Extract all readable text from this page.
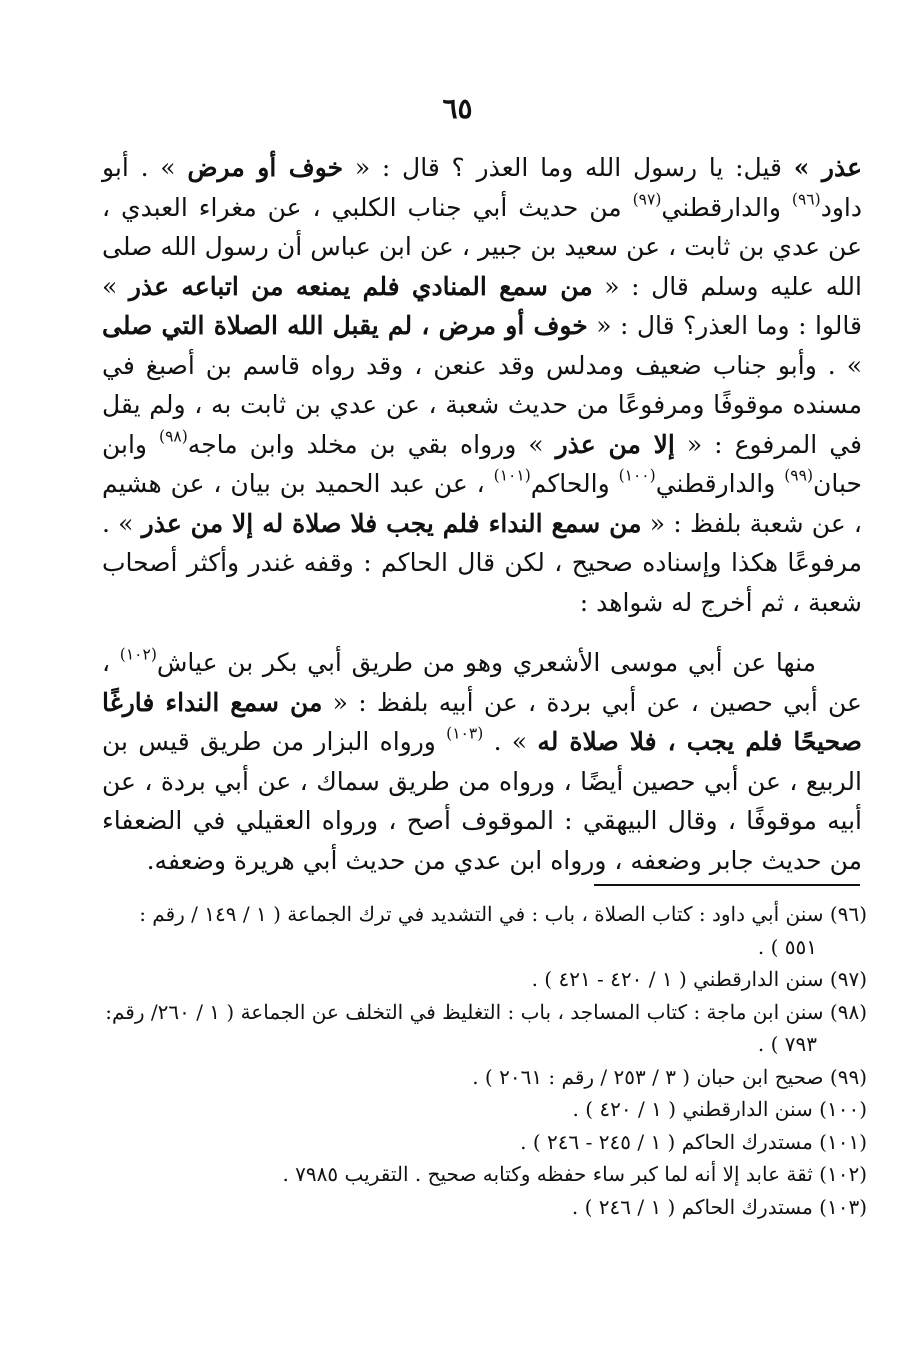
٦٥

عذر » قيل: يا رسول الله وما العذر ؟ قال : « خوف أو مرض » . أبو داود$^{(٩٦)}$ والدارقطني$^{(٩٧)}$ من حديث أبي جناب الكلبي ، عن مغراء العبدي ، عن عدي بن ثابت ، عن سعيد بن جبير ، عن ابن عباس أن رسول الله صلى الله عليه وسلم قال : « من سمع المنادي فلم يمنعه من اتباعه عذر » قالوا : وما العذر؟ قال : « خوف أو مرض ، لم يقبل الله الصلاة التي صلى » . وأبو جناب ضعيف ومدلس وقد عنعن ، وقد رواه قاسم بن أصبغ في مسنده موقوفًا ومرفوعًا من حديث شعبة ، عن عدي بن ثابت به ، ولم يقل في المرفوع : « إلا من عذر » ورواه بقي بن مخلد وابن ماجه$^{(٩٨)}$ وابن حبان$^{(٩٩)}$ والدارقطني$^{(١٠٠)}$ والحاكم$^{(١٠١)}$ ، عن عبد الحميد بن بيان ، عن هشيم ، عن شعبة بلفظ : « من سمع النداء فلم يجب فلا صلاة له إلا من عذر » . مرفوعًا هكذا وإسناده صحيح ، لكن قال الحاكم : وقفه غندر وأكثر أصحاب شعبة ، ثم أخرج له شواهد :

منها عن أبي موسى الأشعري وهو من طريق أبي بكر بن عياش$^{(١٠٢)}$ ، عن أبي حصين ، عن أبي بردة ، عن أبيه بلفظ : « من سمع النداء فارغًا صحيحًا فلم يجب ، فلا صلاة له » . $^{(١٠٣)}$ ورواه البزار من طريق قيس بن الربيع ، عن أبي حصين أيضًا ، ورواه من طريق سماك ، عن أبي بردة ، عن أبيه موقوفًا ، وقال البيهقي : الموقوف أصح ، ورواه العقيلي في الضعفاء من حديث جابر وضعفه ، ورواه ابن عدي من حديث أبي هريرة وضعفه.

(٩٦) سنن أبي داود : كتاب الصلاة ، باب : في التشديد في ترك الجماعة ( ١ / ١٤٩ / رقم : ٥٥١ ) .
(٩٧) سنن الدارقطني ( ١ / ٤٢٠ - ٤٢١ ) .
(٩٨) سنن ابن ماجة : كتاب المساجد ، باب : التغليظ في التخلف عن الجماعة ( ١ / ٢٦٠/ رقم: ٧٩٣ ) .
(٩٩) صحيح ابن حبان ( ٣ / ٢٥٣ / رقم : ٢٠٦١ ) .
(١٠٠) سنن الدارقطني ( ١ / ٤٢٠ ) .
(١٠١) مستدرك الحاكم ( ١ / ٢٤٥ - ٢٤٦ ) .
(١٠٢) ثقة عابد إلا أنه لما كبر ساء حفظه وكتابه صحيح . التقريب ٧٩٨٥ .
(١٠٣) مستدرك الحاكم ( ١ / ٢٤٦ ) .
